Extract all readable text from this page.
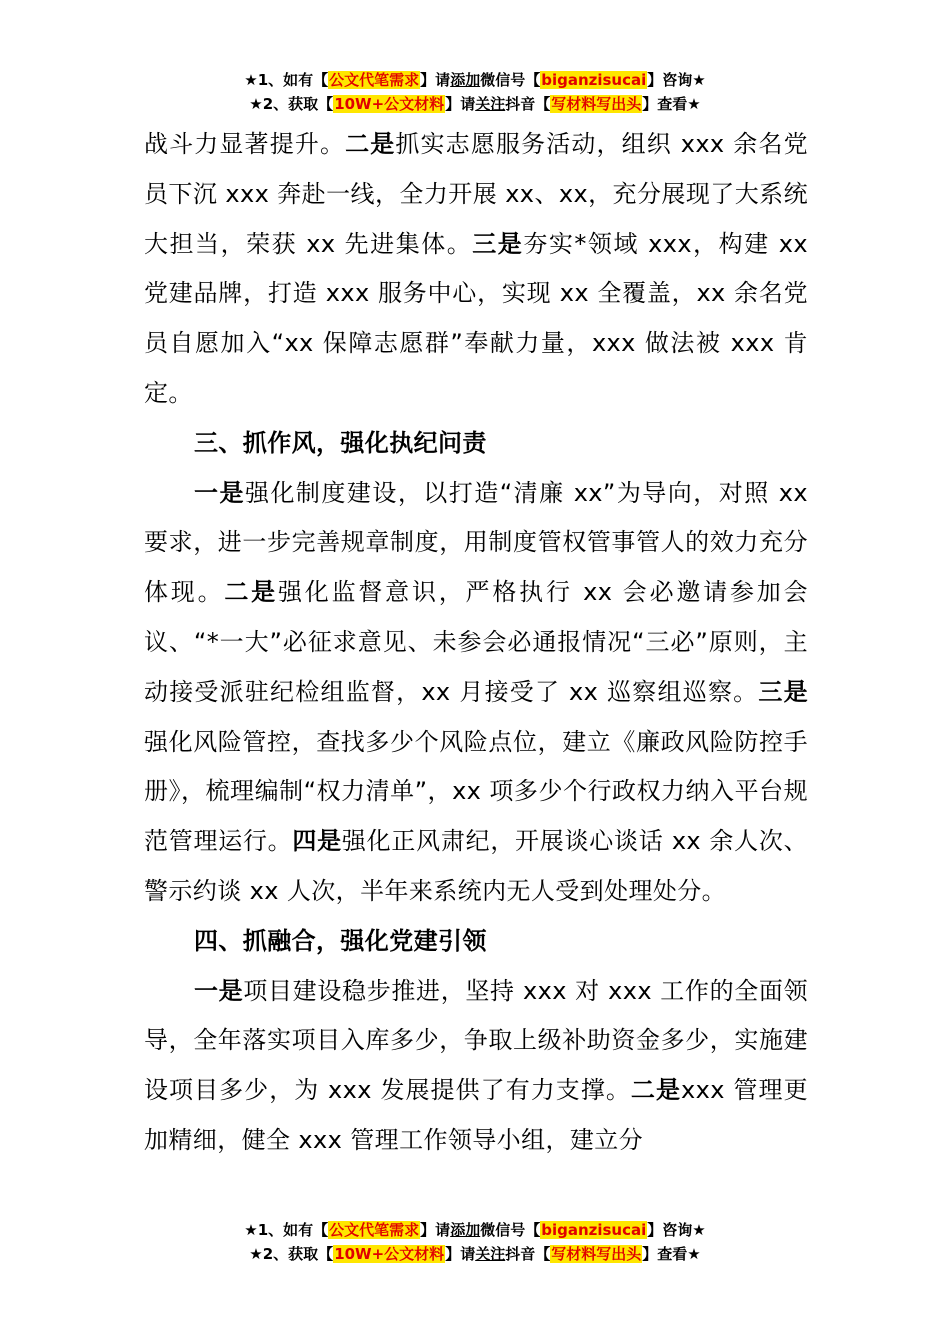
★1、如有【公文代笔需求】请添加微信号【biganzisucai】咨询★
★2、获取【10W+公文材料】请关注抖音【写材料写出头】查看★

战斗力显著提升。二是抓实志愿服务活动，组织 xxx 余名党员下沉 xxx 奔赴一线，全力开展 xx、xx，充分展现了大系统大担当，荣获 xx 先进集体。三是夯实*领域 xxx，构建 xx 党建品牌，打造 xxx 服务中心，实现 xx 全覆盖，xx 余名党员自愿加入“xx 保障志愿群”奉献力量，xxx 做法被 xxx 肯定。

三、抓作风，强化执纪问责

一是强化制度建设，以打造“清廉 xx”为导向，对照 xx 要求，进一步完善规章制度，用制度管权管事管人的效力充分体现。二是强化监督意识，严格执行 xx 会必邀请参加会议、“*一大”必征求意见、未参会必通报情况“三必”原则，主动接受派驻纪检组监督，xx 月接受了 xx 巡察组巡察。三是强化风险管控，查找多少个风险点位，建立《廉政风险防控手册》，梳理编制“权力清单”，xx 项多少个行政权力纳入平台规范管理运行。四是强化正风肃纪，开展谈心谈话 xx 余人次、警示约谈 xx 人次，半年来系统内无人受到处理处分。

四、抓融合，强化党建引领

一是项目建设稳步推进，坚持 xxx 对 xxx 工作的全面领导，全年落实项目入库多少，争取上级补助资金多少，实施建设项目多少，为 xxx 发展提供了有力支撑。二是xxx 管理更加精细，健全 xxx 管理工作领导小组，建立分

★1、如有【公文代笔需求】请添加微信号【biganzisucai】咨询★
★2、获取【10W+公文材料】请关注抖音【写材料写出头】查看★
